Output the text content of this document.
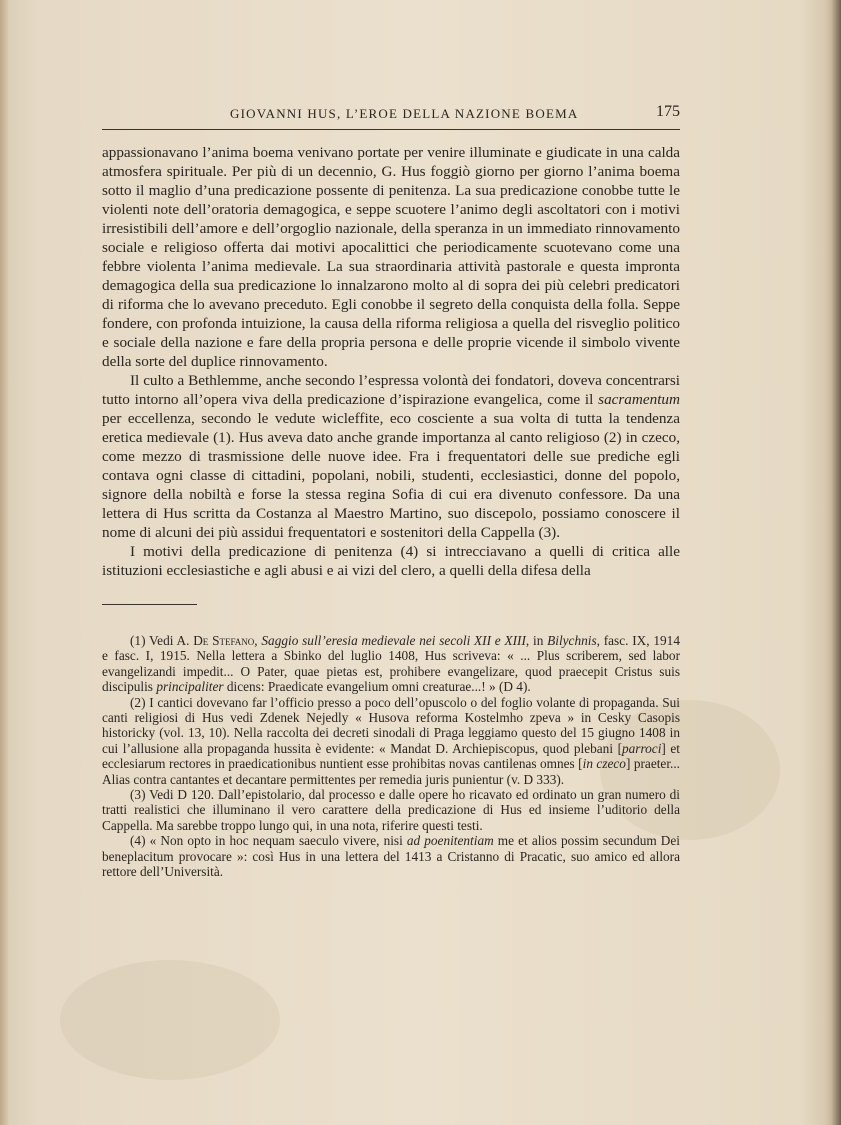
GIOVANNI HUS, L’EROE DELLA NAZIONE BOEMA	175

appassionavano l’anima boema venivano portate per venire illuminate e giudicate in una calda atmosfera spirituale. Per più di un decennio, G. Hus foggiò giorno per giorno l’anima boema sotto il maglio d’una predicazione possente di penitenza. La sua predicazione conobbe tutte le violenti note dell’oratoria demagogica, e seppe scuotere l’animo degli ascoltatori con i motivi irresistibili dell’amore e dell’orgoglio nazionale, della speranza in un immediato rinnovamento sociale e religioso offerta dai motivi apocalittici che periodicamente scuotevano come una febbre violenta l’anima medievale. La sua straordinaria attività pastorale e questa impronta demagogica della sua predicazione lo innalzarono molto al di sopra dei più celebri predicatori di riforma che lo avevano preceduto. Egli conobbe il segreto della conquista della folla. Seppe fondere, con profonda intuizione, la causa della riforma religiosa a quella del risveglio politico e sociale della nazione e fare della propria persona e delle proprie vicende il simbolo vivente della sorte del duplice rinnovamento.

Il culto a Bethlemme, anche secondo l’espressa volontà dei fondatori, doveva concentrarsi tutto intorno all’opera viva della predicazione d’ispirazione evangelica, come il sacramentum per eccellenza, secondo le vedute wicleffite, eco cosciente a sua volta di tutta la tendenza eretica medievale (1). Hus aveva dato anche grande importanza al canto religioso (2) in czeco, come mezzo di trasmissione delle nuove idee. Fra i frequentatori delle sue prediche egli contava ogni classe di cittadini, popolani, nobili, studenti, ecclesiastici, donne del popolo, signore della nobiltà e forse la stessa regina Sofia di cui era divenuto confessore. Da una lettera di Hus scritta da Costanza al Maestro Martino, suo discepolo, possiamo conoscere il nome di alcuni dei più assidui frequentatori e sostenitori della Cappella (3).

I motivi della predicazione di penitenza (4) si intrecciavano a quelli di critica alle istituzioni ecclesiastiche e agli abusi e ai vizi del clero, a quelli della difesa della

(1) Vedi A. De Stefano, Saggio sull’eresia medievale nei secoli XII e XIII, in Bilychnis, fasc. IX, 1914 e fasc. I, 1915. Nella lettera a Sbinko del luglio 1408, Hus scriveva: « ... Plus scriberem, sed labor evangelizandi impedit... O Pater, quae pietas est, prohibere evangelizare, quod praecepit Cristus suis discipulis principaliter dicens: Praedicate evangelium omni creaturae...! » (D 4).

(2) I cantici dovevano far l’officio presso a poco dell’opuscolo o del foglio volante di propaganda. Sui canti religiosi di Hus vedi Zdenek Nejedly « Husova reforma Kostelmho zpeva » in Cesky Casopis historicky (vol. 13, 10). Nella raccolta dei decreti sinodali di Praga leggiamo questo del 15 giugno 1408 in cui l’allusione alla propaganda hussita è evidente: « Mandat D. Archiepiscopus, quod plebani [parroci] et ecclesiarum rectores in praedicationibus nuntient esse prohibitas novas cantilenas omnes [in czeco] praeter... Alias contra cantantes et decantare permittentes per remedia juris punientur (v. D 333).

(3) Vedi D 120. Dall’epistolario, dal processo e dalle opere ho ricavato ed ordinato un gran numero di tratti realistici che illuminano il vero carattere della predicazione di Hus ed insieme l’uditorio della Cappella. Ma sarebbe troppo lungo qui, in una nota, riferire questi testi.

(4) « Non opto in hoc nequam saeculo vivere, nisi ad poenitentiam me et alios possim secundum Dei beneplacitum provocare »: così Hus in una lettera del 1413 a Cristanno di Pracatic, suo amico ed allora rettore dell’Università.
